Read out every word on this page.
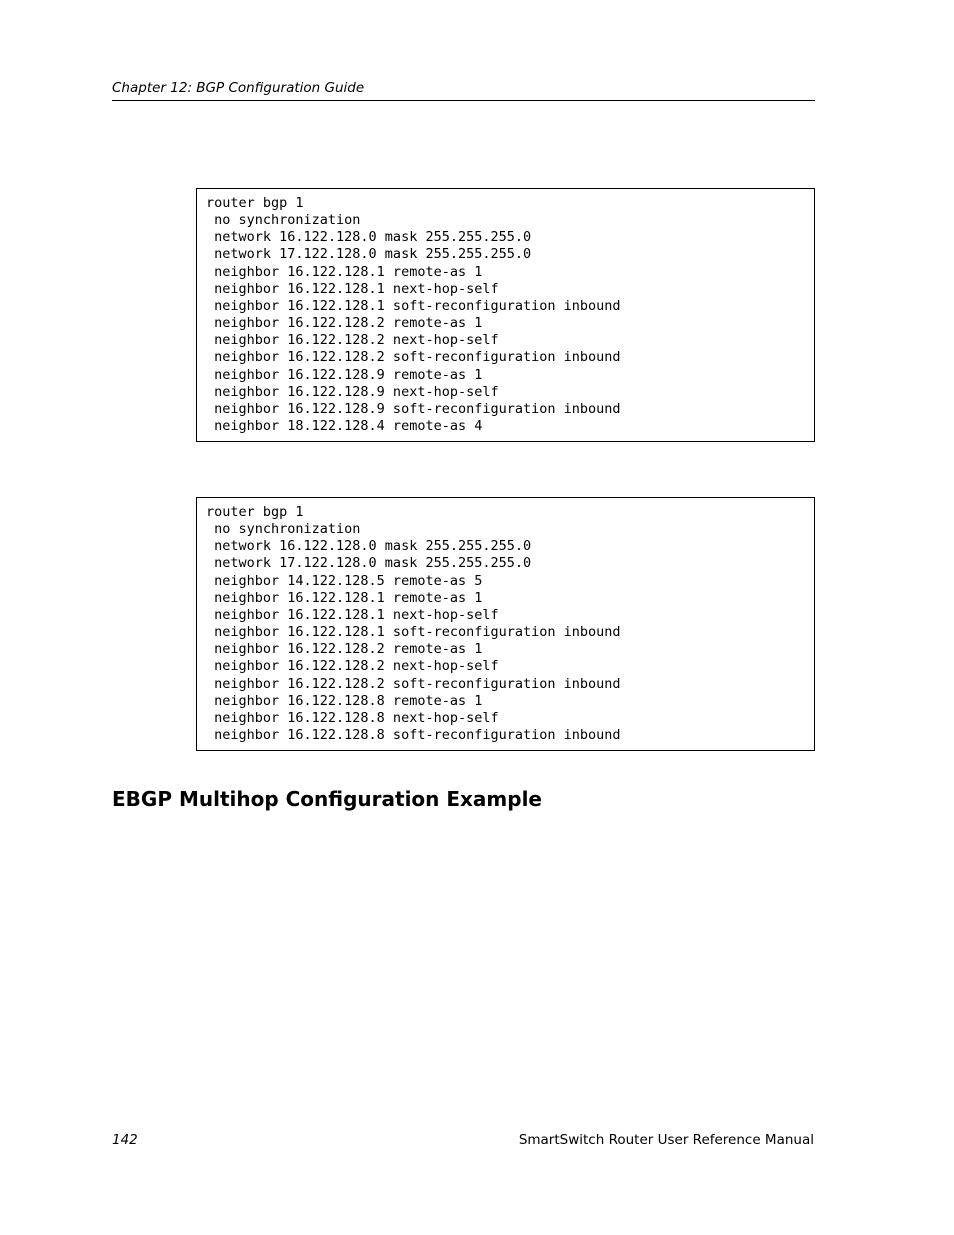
Chapter 12: BGP Configuration Guide
router bgp 1
no synchronization
network 16.122.128.0 mask 255.255.255.0
network 17.122.128.0 mask 255.255.255.0
neighbor 16.122.128.1 remote-as 1
neighbor 16.122.128.1 next-hop-self
neighbor 16.122.128.1 soft-reconfiguration inbound
neighbor 16.122.128.2 remote-as 1
neighbor 16.122.128.2 next-hop-self
neighbor 16.122.128.2 soft-reconfiguration inbound
neighbor 16.122.128.9 remote-as 1
neighbor 16.122.128.9 next-hop-self
neighbor 16.122.128.9 soft-reconfiguration inbound
neighbor 18.122.128.4 remote-as 4
router bgp 1
no synchronization
network 16.122.128.0 mask 255.255.255.0
network 17.122.128.0 mask 255.255.255.0
neighbor 14.122.128.5 remote-as 5
neighbor 16.122.128.1 remote-as 1
neighbor 16.122.128.1 next-hop-self
neighbor 16.122.128.1 soft-reconfiguration inbound
neighbor 16.122.128.2 remote-as 1
neighbor 16.122.128.2 next-hop-self
neighbor 16.122.128.2 soft-reconfiguration inbound
neighbor 16.122.128.8 remote-as 1
neighbor 16.122.128.8 next-hop-self
neighbor 16.122.128.8 soft-reconfiguration inbound
EBGP Multihop Configuration Example
142	SmartSwitch Router User Reference Manual
